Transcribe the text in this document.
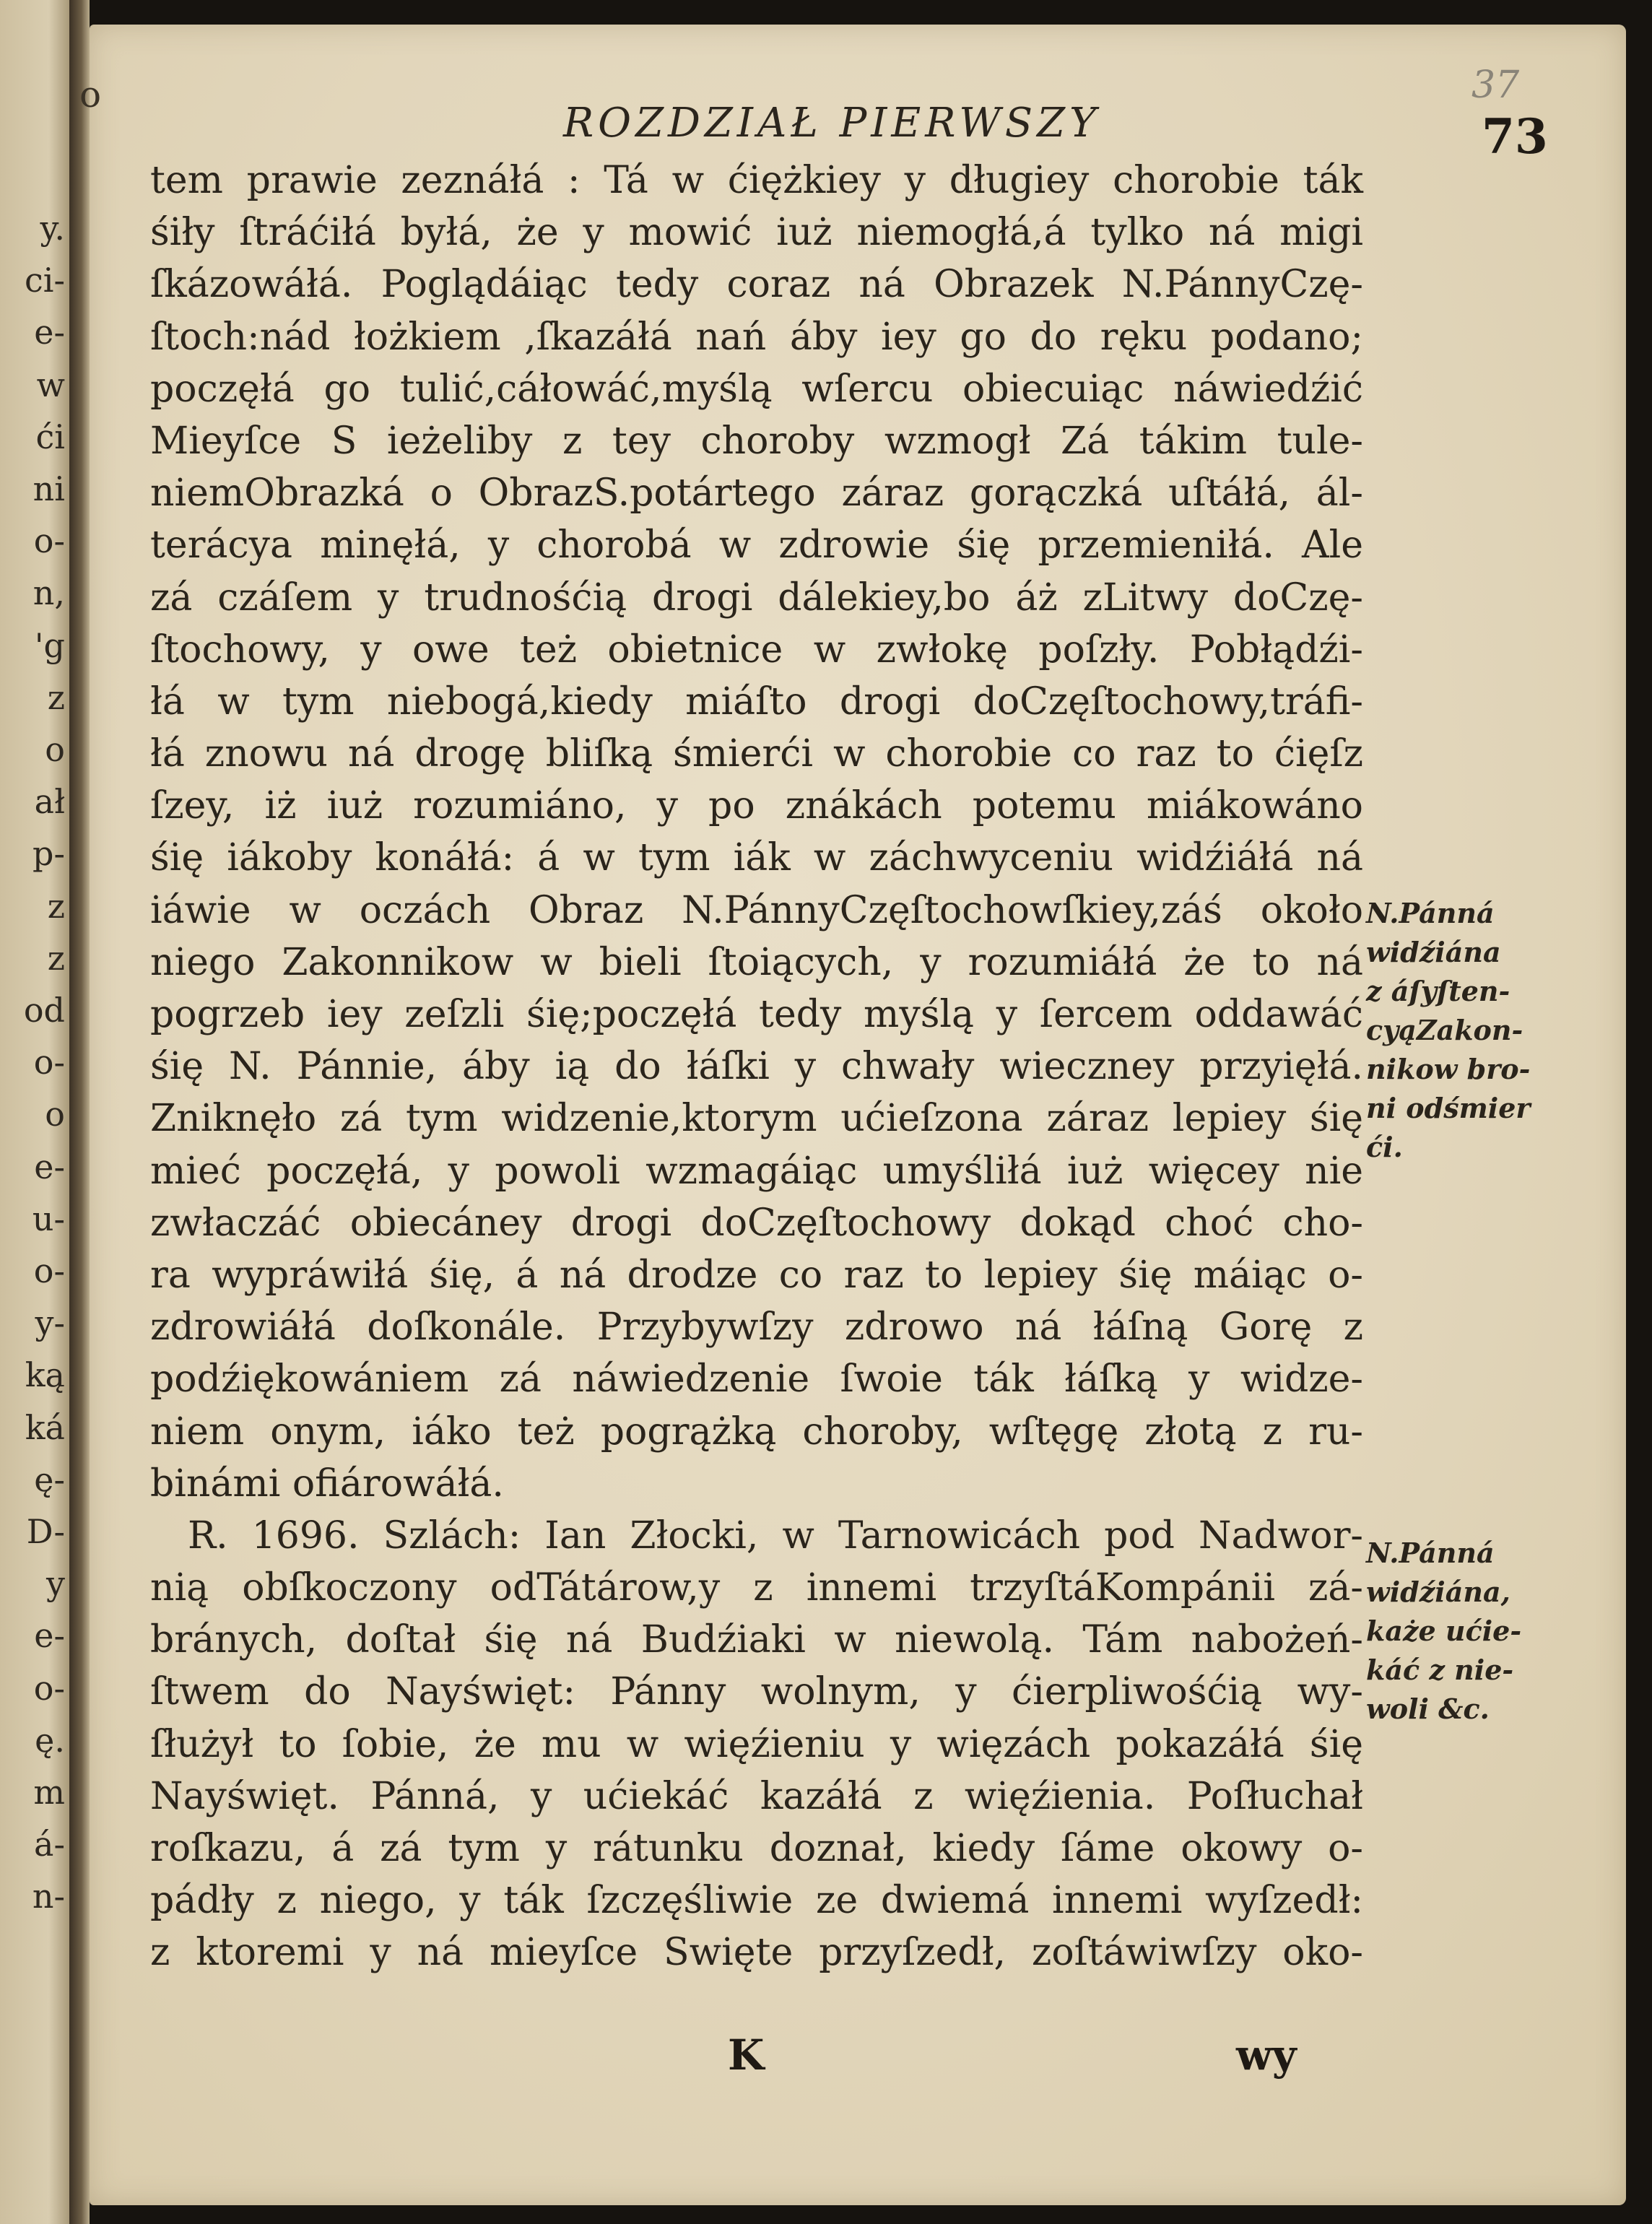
y.
ci-
e-
w
ći
ni
o-
n,
'g
z
o
ał
p-
z
z
od
o-
o
e-
u-
o-
y-
ką
ká
ę-
D-
y
e-
o-
ę.
m
á-
n-
o	37
ROZDZIAŁ PIERWSZY	73
tem prawie zeznáłá : Tá w ćiężkiey y długiey chorobie ták
śiły ſtráćiłá byłá, że y mowić iuż niemogłá,á tylko ná migi
ſkázowáłá. Poglądáiąc tedy coraz ná Obrazek N.PánnyCzę-
ſtoch:nád łożkiem ,ſkazáłá nań áby iey go do ręku podano;
poczęłá go tulić,cáłowáć,myślą wſercu obiecuiąc náwiedźić
Mieyſce S ieżeliby z tey choroby wzmogł Zá tákim tule-
niemObrazká o ObrazS.potártego záraz gorączká uſtáłá, ál-
terácya minęłá, y chorobá w zdrowie śię przemieniłá. Ale
zá czáſem y trudnośćią drogi dálekiey,bo áż zLitwy doCzę-
ſtochowy, y owe też obietnice w zwłokę poſzły. Pobłądźi-
łá w tym niebogá,kiedy miáſto drogi doCzęſtochowy,tráfi-
łá znowu ná drogę bliſką śmierći w chorobie co raz to ćięſz
ſzey, iż iuż rozumiáno, y po znákách potemu miákowáno
śię iákoby konáłá: á w tym iák w záchwyceniu widźiáłá ná
iáwie w oczách Obraz N.PánnyCzęſtochowſkiey,záś około
niego Zakonnikow w bieli ſtoiących, y rozumiáłá że to ná
pogrzeb iey zeſzli śię;poczęłá tedy myślą y ſercem oddawáć
śię N. Pánnie, áby ią do łáſki y chwały wieczney przyięłá.
Zniknęło zá tym widzenie,ktorym ućieſzona záraz lepiey śię
mieć poczęłá, y powoli wzmagáiąc umyśliłá iuż więcey nie
zwłaczáć obiecáney drogi doCzęſtochowy dokąd choć cho-
ra wypráwiłá śię, á ná drodze co raz to lepiey śię máiąc o-
zdrowiáłá doſkonále. Przybywſzy zdrowo ná łáſną Gorę z
podźiękowániem zá náwiedzenie ſwoie ták łáſką y widze-
niem onym, iáko też pogrążką choroby, wſtęgę złotą z ru-
binámi ofiárowáłá.
R. 1696. Szlách: Ian Złocki, w Tarnowicách pod Nadwor-
nią obſkoczony odTátárow,y z innemi trzyſtáKompánii zá-
bránych, doſtał śię ná Budźiaki w niewolą. Tám nabożeń-
ſtwem do Nayświęt: Pánny wolnym, y ćierpliwośćią wy-
ſłużył to ſobie, że mu w więźieniu y więzách pokazáłá śię
Nayświęt. Pánná, y ućiekáć kazáłá z więźienia. Poſłuchał
roſkazu, á zá tym y rátunku doznał, kiedy ſáme okowy o-
pádły z niego, y ták ſzczęśliwie ze dwiemá innemi wyſzedł:
z ktoremi y ná mieyſce Swięte przyſzedł, zoſtáwiwſzy oko-
N.Pánná
widźiána
z áſyſten-
cyąZakon-
nikow bro-
ni odśmier
ći.
N.Pánná
widźiána,
każe ućie-
káć z nie-
woli &c.
K	wy
